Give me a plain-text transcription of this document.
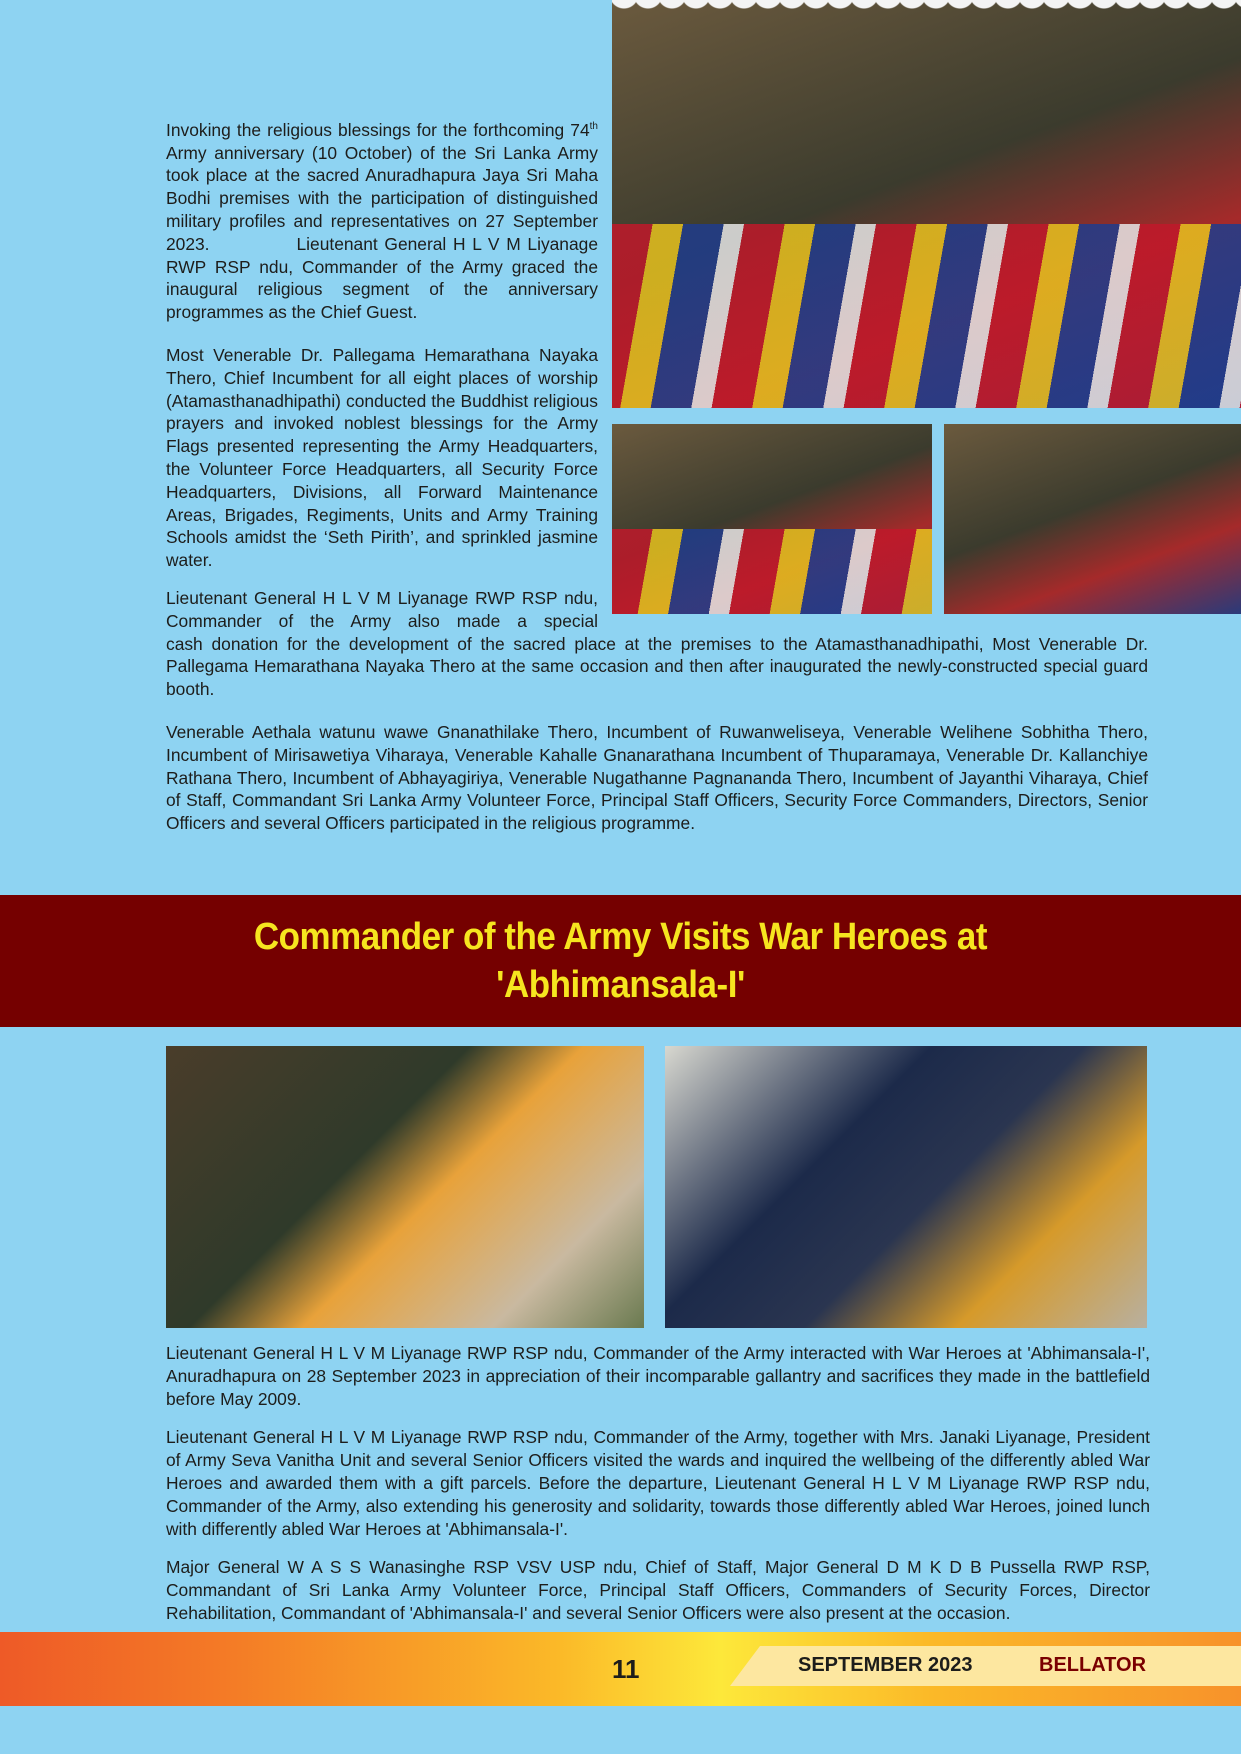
Invoking the religious blessings for the forthcoming 74th Army anniversary (10 October) of the Sri Lanka Army took place at the sacred Anuradhapura Jaya Sri Maha Bodhi premises with the participation of distinguished military profiles and representatives on 27 September 2023.             Lieutenant General H L V M Liyanage RWP RSP ndu, Commander of the Army graced the inaugural religious segment of the anniversary programmes as the Chief Guest.

Most Venerable Dr. Pallegama Hemarathana Nayaka Thero, Chief Incumbent for all eight places of worship (Atamasthanadhipathi) conducted the Buddhist religious prayers and invoked noblest blessings for the Army Flags presented representing the Army Headquarters, the Volunteer Force Headquarters, all Security Force Headquarters, Divisions, all Forward Maintenance Areas, Brigades, Regiments, Units and Army Training Schools amidst the ‘Seth Pirith’, and sprinkled jasmine water.

Lieutenant General H L V M Liyanage RWP RSP ndu, Commander of the Army also made a special

cash donation for the development of the sacred place at the premises to the Atamasthanadhipathi, Most Venerable Dr. Pallegama Hemarathana Nayaka Thero at the same occasion and then after inaugurated the newly-constructed special guard booth.

Venerable Aethala watunu wawe Gnanathilake Thero, Incumbent of Ruwanweliseya, Venerable Welihene Sobhitha Thero, Incumbent of Mirisawetiya Viharaya, Venerable Kahalle Gnanarathana Incumbent of Thuparamaya, Venerable Dr. Kallanchiye Rathana Thero, Incumbent of Abhayagiriya, Venerable Nugathanne Pagnananda Thero, Incumbent of Jayanthi Viharaya, Chief of Staff, Commandant Sri Lanka Army Volunteer Force, Principal Staff Officers, Security Force Commanders, Directors, Senior Officers and several Officers participated in the religious programme.

Commander of the Army Visits War Heroes at
'Abhimansala-I'

Lieutenant General H L V M Liyanage RWP RSP ndu, Commander of the Army interacted with War Heroes at 'Abhimansala-I', Anuradhapura on 28 September 2023 in appreciation of their incomparable gallantry and sacrifices they made in the battlefield before May 2009.

Lieutenant General H L V M Liyanage RWP RSP ndu, Commander of the Army, together with Mrs. Janaki Liyanage, President of Army Seva Vanitha Unit and several Senior Officers visited the wards and inquired the wellbeing of the differently abled War Heroes and awarded them with a gift parcels. Before the departure, Lieutenant General H L V M Liyanage RWP RSP ndu, Commander of the Army, also extending his generosity and solidarity, towards those differently abled War Heroes, joined lunch with differently abled War Heroes at 'Abhimansala-I'.

Major General W A S S Wanasinghe RSP VSV USP ndu, Chief of Staff, Major General D M K D B Pussella RWP RSP, Commandant of Sri Lanka Army Volunteer Force, Principal Staff Officers, Commanders of Security Forces, Director Rehabilitation, Commandant of 'Abhimansala-I' and several Senior Officers were also present at the occasion.

11	SEPTEMBER 2023	BELLATOR
